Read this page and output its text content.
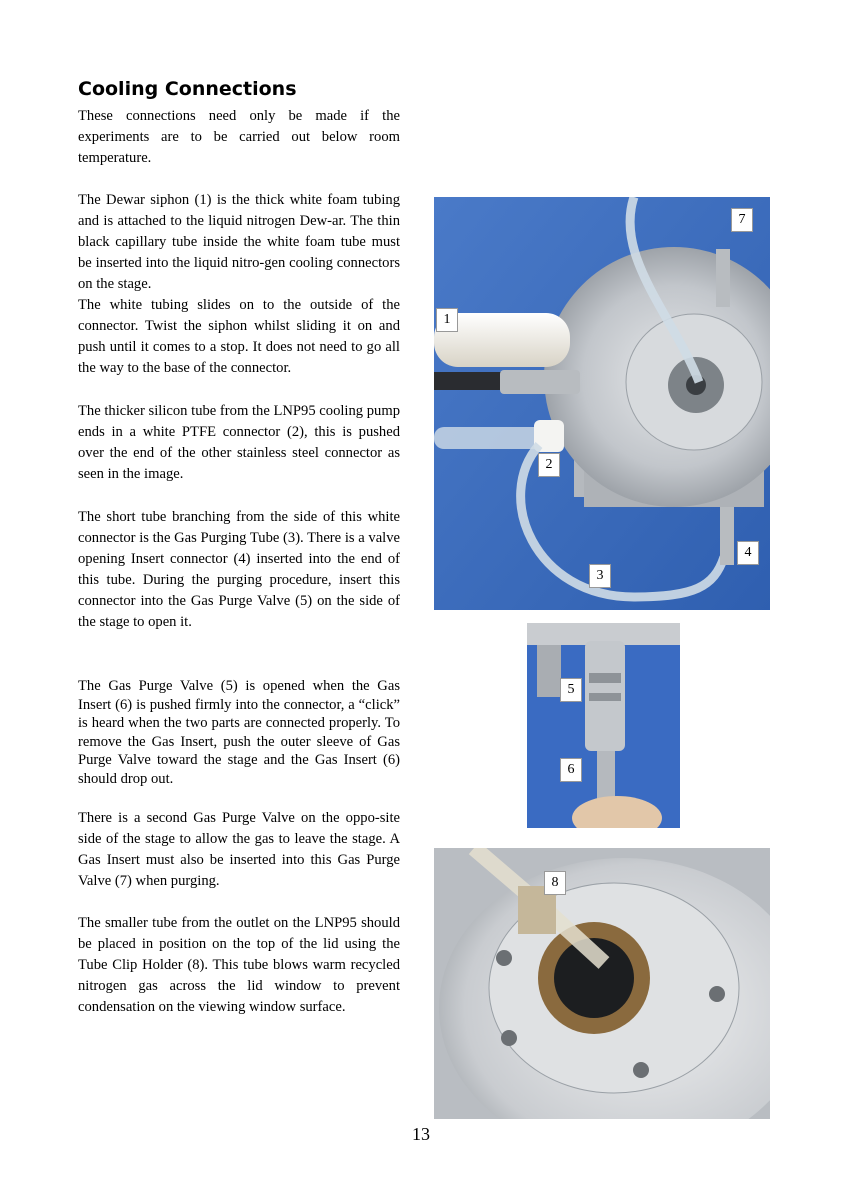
Cooling Connections

These connections need only be made if the experiments are to be carried out below room temperature.

The Dewar siphon (1) is the thick white foam tubing and is attached to the liquid nitrogen Dew-ar. The thin black capillary tube inside the white foam tube must be inserted into the liquid nitro-gen cooling connectors on the stage.

The white tubing slides on to the outside of the connector. Twist the siphon whilst sliding it on and push until it comes to a stop. It does not need to go all the way to the base of the connector.

The thicker silicon tube from the LNP95 cooling pump ends in a white PTFE connector (2), this is pushed over the end of the other stainless steel connector as seen in the image.

The short tube branching from the side of this white connector is the Gas Purging Tube (3). There is a valve opening Insert connector (4) inserted into the end of this tube. During the purging procedure, insert this connector into the Gas Purge Valve (5) on the side of the stage to open it.

The Gas Purge Valve (5) is opened when the Gas Insert (6) is pushed firmly into the connector, a “click” is heard when the two parts are connected properly. To remove the Gas Insert, push the outer sleeve of Gas Purge Valve toward the stage and the Gas Insert (6) should drop out.

There is a second Gas Purge Valve on the oppo-site side of the stage to allow the gas to leave the stage. A Gas Insert must also be inserted into this Gas Purge Valve (7) when purging.

The smaller tube from the outlet on the LNP95 should be placed in position on the top of the lid using the Tube Clip Holder (8). This tube blows warm recycled nitrogen gas across the lid window to prevent condensation on the viewing window surface.

7
1
2
4
3
5
6
8
13
